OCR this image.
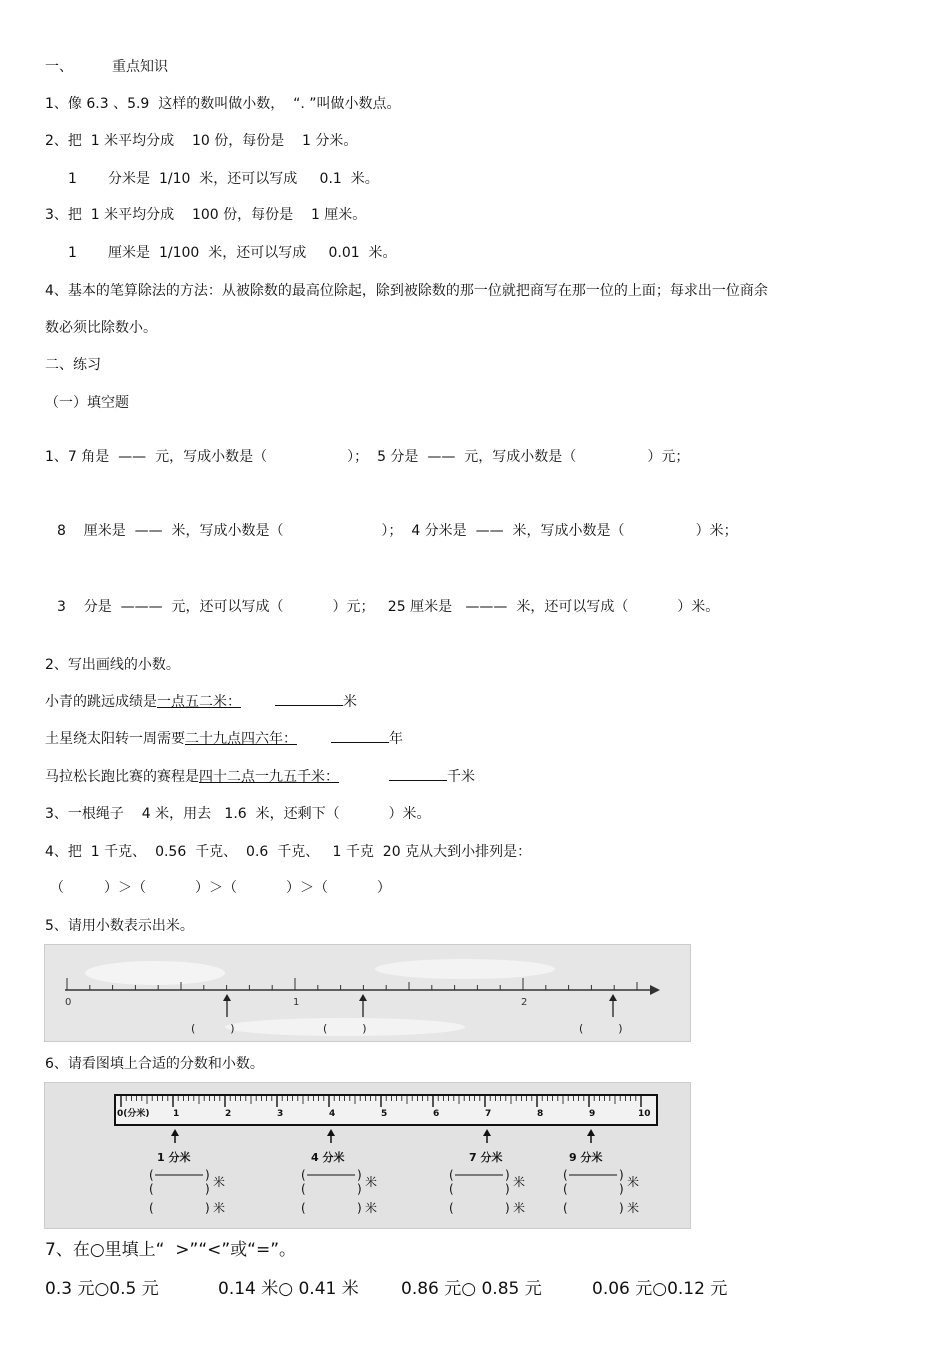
一、	重点知识
1、像 6.3 、5.9  这样的数叫做小数，  “. ”叫做小数点。
2、把  1 米平均分成    10 份，每份是    1 分米。
1       分米是  1/10  米，还可以写成     0.1  米。
3、把  1 米平均分成    100 份，每份是    1 厘米。
1       厘米是  1/100  米，还可以写成     0.01  米。
4、基本的笔算除法的方法：从被除数的最高位除起，除到被除数的那一位就把商写在那一位的上面；每求出一位商余
数必须比除数小。
二、练习
（一）填空题
1、7 角是  ——  元，写成小数是（                  ）；  5 分是  ——  元，写成小数是（                ）元；
8    厘米是  ——  米，写成小数是（                      ）；  4 分米是  ——  米，写成小数是（                ）米；
3    分是  ———  元，还可以写成（           ）元；   25 厘米是   ———  米，还可以写成（           ）米。
2、写出画线的小数。
小青的跳远成绩是一点五二米：	米
土星绕太阳转一周需要二十九点四六年：	年
马拉松长跑比赛的赛程是四十二点一九五千米：	千米
3、一根绳子    4 米，用去   1.6  米，还剩下（           ）米。
4、把  1 千克、  0.56  千克、  0.6  千克、   1 千克  20 克从大到小排列是：
（         ）＞（           ）＞（           ）＞（           ）
5、请用小数表示出米。
0	1	2
(          )	(          )	(          )
6、请看图填上合适的分数和小数。
0(分米)	1	2	3	4	5	6	7	8	9	10
1 分米
(	)
(	) 米
(	) 米
4 分米
(	)
(	) 米
(	) 米
7 分米
(	)
(	) 米
(	) 米
9 分米
(	)
(	) 米
(	) 米
7、在○里填上“  >”“<”或“=”。
0.3 元○0.5 元	0.14 米○ 0.41 米 0.86 元○ 0.85 元	0.06 元○0.12 元
